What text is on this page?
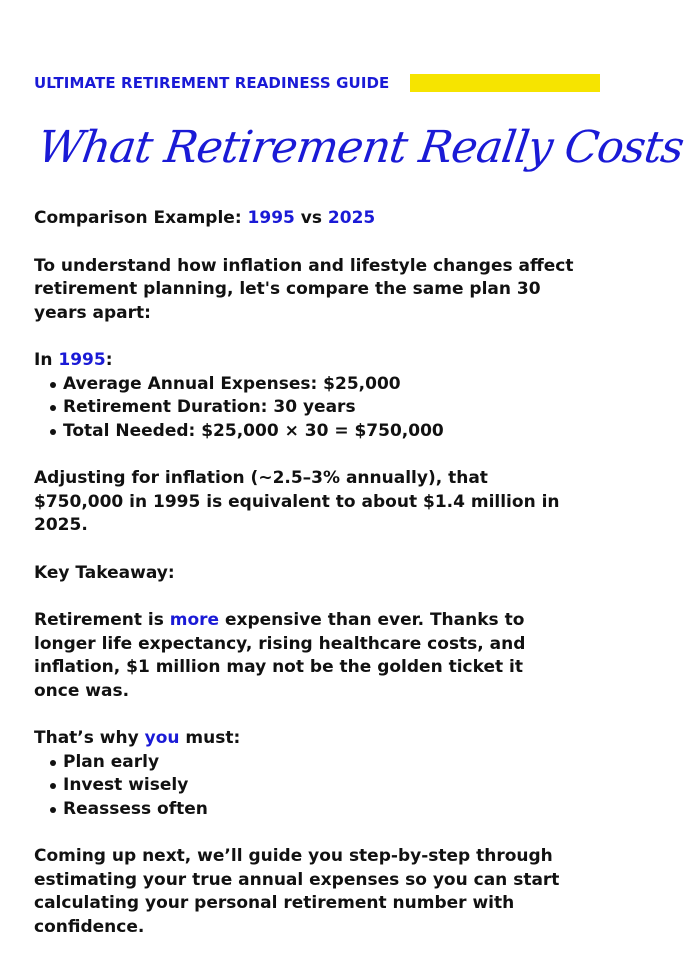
ULTIMATE RETIREMENT READINESS GUIDE
What Retirement Really Costs

Comparison Example: 1995 vs 2025

To understand how inflation and lifestyle changes affect retirement planning, let's compare the same plan 30 years apart:

In 1995:

Average Annual Expenses: $25,000
Retirement Duration: 30 years
Total Needed: $25,000 × 30 = $750,000

Adjusting for inflation (~2.5–3% annually), that $750,000 in 1995 is equivalent to about $1.4 million in 2025.

Key Takeaway:

Retirement is more expensive than ever. Thanks to longer life expectancy, rising healthcare costs, and inflation, $1 million may not be the golden ticket it once was.

That’s why you must:

Plan early
Invest wisely
Reassess often

Coming up next, we’ll guide you step-by-step through estimating your true annual expenses so you can start calculating your personal retirement number with confidence.
